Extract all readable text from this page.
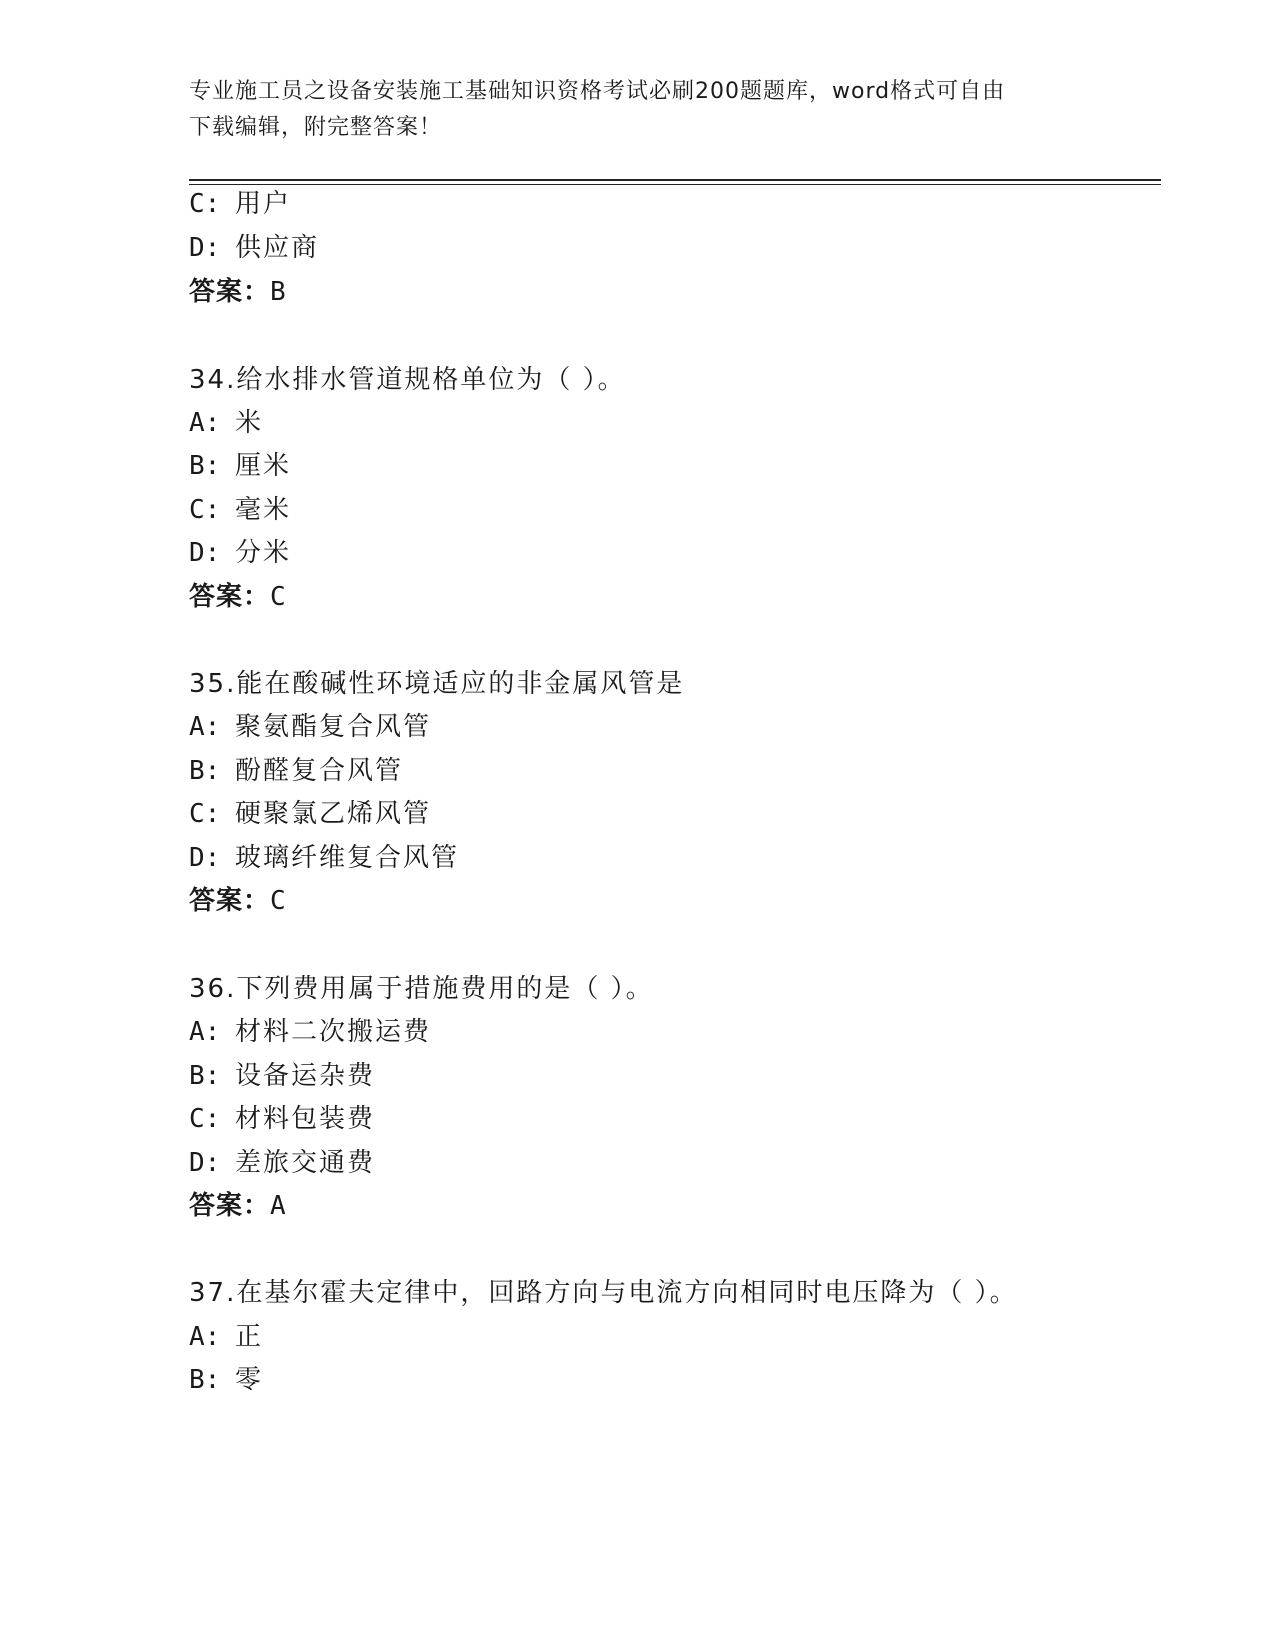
专业施工员之设备安装施工基础知识资格考试必刷200题题库，word格式可自由
下载编辑，附完整答案！
C: 用户
D: 供应商
答案：B
34.给水排水管道规格单位为（ ）。
A: 米
B: 厘米
C: 毫米
D: 分米
答案：C
35.能在酸碱性环境适应的非金属风管是
A: 聚氨酯复合风管
B: 酚醛复合风管
C: 硬聚氯乙烯风管
D: 玻璃纤维复合风管
答案：C
36.下列费用属于措施费用的是（ ）。
A: 材料二次搬运费
B: 设备运杂费
C: 材料包装费
D: 差旅交通费
答案：A
37.在基尔霍夫定律中，回路方向与电流方向相同时电压降为（ ）。
A: 正
B: 零
